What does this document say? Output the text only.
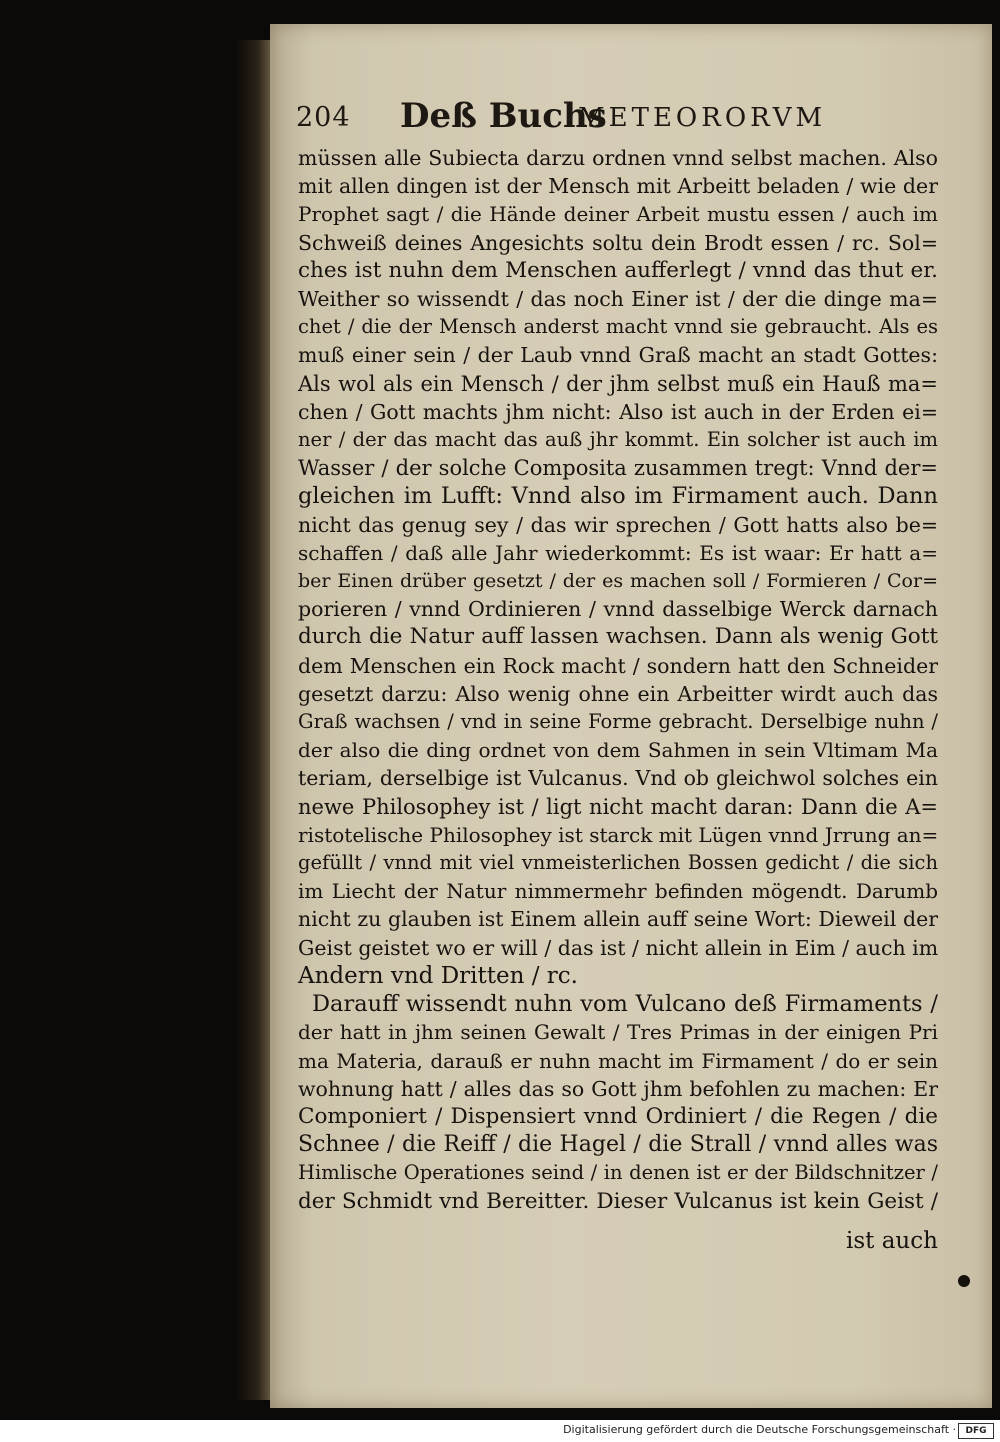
204 Deß Buchs
METEORORVM
müssen alle Subiecta darzu ordnen vnnd selbst machen. Also
mit allen dingen ist der Mensch mit Arbeitt beladen / wie der
Prophet sagt / die Hände deiner Arbeit mustu essen / auch im
Schweiß deines Angesichts soltu dein Brodt essen / rc. Sol=
ches ist nuhn dem Menschen aufferlegt / vnnd das thut er.
Weither so wissendt / das noch Einer ist / der die dinge ma=
chet / die der Mensch anderst macht vnnd sie gebraucht. Als es
muß einer sein / der Laub vnnd Graß macht an stadt Gottes:
Als wol als ein Mensch / der jhm selbst muß ein Hauß ma=
chen / Gott machts jhm nicht: Also ist auch in der Erden ei=
ner / der das macht das auß jhr kommt. Ein solcher ist auch im
Wasser / der solche Composita zusammen tregt: Vnnd der=
gleichen im Lufft: Vnnd also im Firmament auch. Dann
nicht das genug sey / das wir sprechen / Gott hatts also be=
schaffen / daß alle Jahr wiederkommt: Es ist waar: Er hatt a=
ber Einen drüber gesetzt / der es machen soll / Formieren / Cor=
porieren / vnnd Ordinieren / vnnd dasselbige Werck darnach
durch die Natur auff lassen wachsen. Dann als wenig Gott
dem Menschen ein Rock macht / sondern hatt den Schneider
gesetzt darzu: Also wenig ohne ein Arbeitter wirdt auch das
Graß wachsen / vnd in seine Forme gebracht. Derselbige nuhn /
der also die ding ordnet von dem Sahmen in sein Vltimam Ma
teriam, derselbige ist Vulcanus. Vnd ob gleichwol solches ein
newe Philosophey ist / ligt nicht macht daran: Dann die A=
ristotelische Philosophey ist starck mit Lügen vnnd Jrrung an=
gefüllt / vnnd mit viel vnmeisterlichen Bossen gedicht / die sich
im Liecht der Natur nimmermehr befinden mögendt. Darumb
nicht zu glauben ist Einem allein auff seine Wort: Dieweil der
Geist geistet wo er will / das ist / nicht allein in Eim / auch im
Andern vnd Dritten / rc.
Darauff wissendt nuhn vom Vulcano deß Firmaments /
der hatt in jhm seinen Gewalt / Tres Primas in der einigen Pri
ma Materia, darauß er nuhn macht im Firmament / do er sein
wohnung hatt / alles das so Gott jhm befohlen zu machen: Er
Componiert / Dispensiert vnnd Ordiniert / die Regen / die
Schnee / die Reiff / die Hagel / die Strall / vnnd alles was
Himlische Operationes seind / in denen ist er der Bildschnitzer /
der Schmidt vnd Bereitter. Dieser Vulcanus ist kein Geist /
ist auch
Digitalisierung gefördert durch die Deutsche Forschungsgemeinschaft ·	DFG
